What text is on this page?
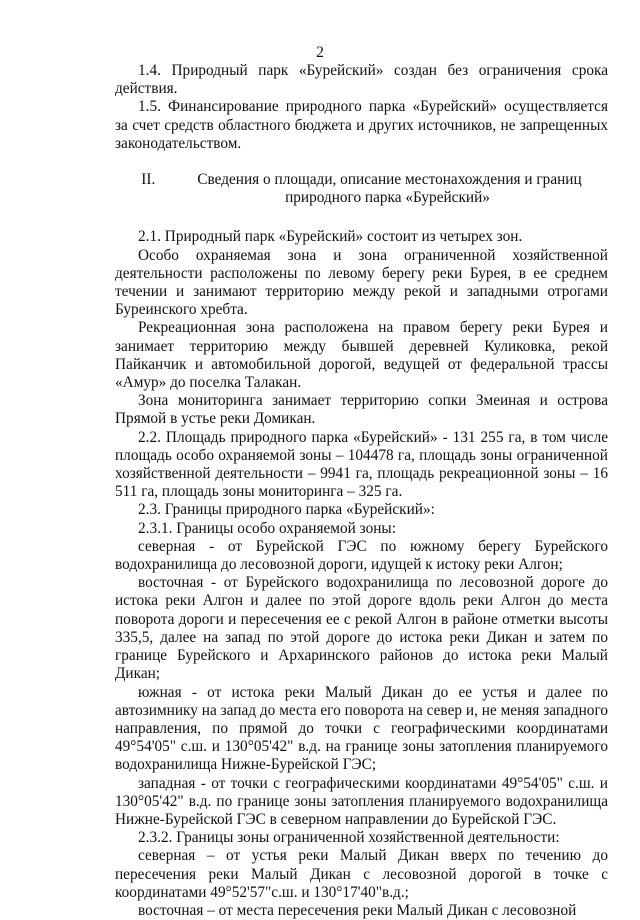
2

1.4. Природный парк «Бурейский» создан без ограничения срока действия.

1.5. Финансирование природного парка «Бурейский» осуществляется за счет средств областного бюджета и других источников, не запрещенных законодательством.

II.	Сведения о площади, описание местонахождения и границ
природного парка «Бурейский»

2.1. Природный парк «Бурейский» состоит из четырех зон.

Особо охраняемая зона и зона ограниченной хозяйственной деятельности расположены по левому берегу реки Бурея, в ее среднем течении и занимают территорию между рекой и западными отрогами Буреинского хребта.

Рекреационная зона расположена на правом берегу реки Бурея и занимает территорию между бывшей деревней Куликовка, рекой Пайканчик и автомобильной дорогой, ведущей от федеральной трассы «Амур» до поселка Талакан.

Зона мониторинга занимает территорию сопки Змеиная и острова Прямой в устье реки Домикан.

2.2. Площадь природного парка «Бурейский» - 131 255 га, в том числе площадь особо охраняемой зоны – 104478 га, площадь зоны ограниченной хозяйственной деятельности – 9941 га, площадь рекреационной зоны – 16 511 га, площадь зоны мониторинга – 325 га.

2.3. Границы природного парка «Бурейский»:

2.3.1. Границы особо охраняемой зоны:

северная - от Бурейской ГЭС по южному берегу Бурейского водохранилища до лесовозной дороги, идущей к истоку реки Алгон;

восточная - от Бурейского водохранилища по лесовозной дороге до истока реки Алгон и далее по этой дороге вдоль реки Алгон до места поворота дороги и пересечения ее с рекой Алгон в районе отметки высоты 335,5, далее на запад по этой дороге до истока реки Дикан и затем по границе Бурейского и Архаринского районов до истока реки Малый Дикан;

южная - от истока реки Малый Дикан до ее устья и далее по автозимнику на запад до места его поворота на север и, не меняя западного направления, по прямой до точки с географическими координатами 49°54'05" с.ш. и 130°05'42" в.д. на границе зоны затопления планируемого водохранилища Нижне-Бурейской ГЭС;

западная - от точки с географическими координатами 49°54'05" с.ш. и 130°05'42" в.д. по границе зоны затопления планируемого водохранилища Нижне-Бурейской ГЭС в северном направлении до Бурейской ГЭС.

2.3.2. Границы зоны ограниченной хозяйственной деятельности:

северная – от устья реки Малый Дикан вверх по течению до пересечения реки Малый Дикан с лесовозной дорогой в точке с координатами 49°52'57"с.ш. и 130°17'40"в.д.;

восточная – от места пересечения реки Малый Дикан с лесовозной
